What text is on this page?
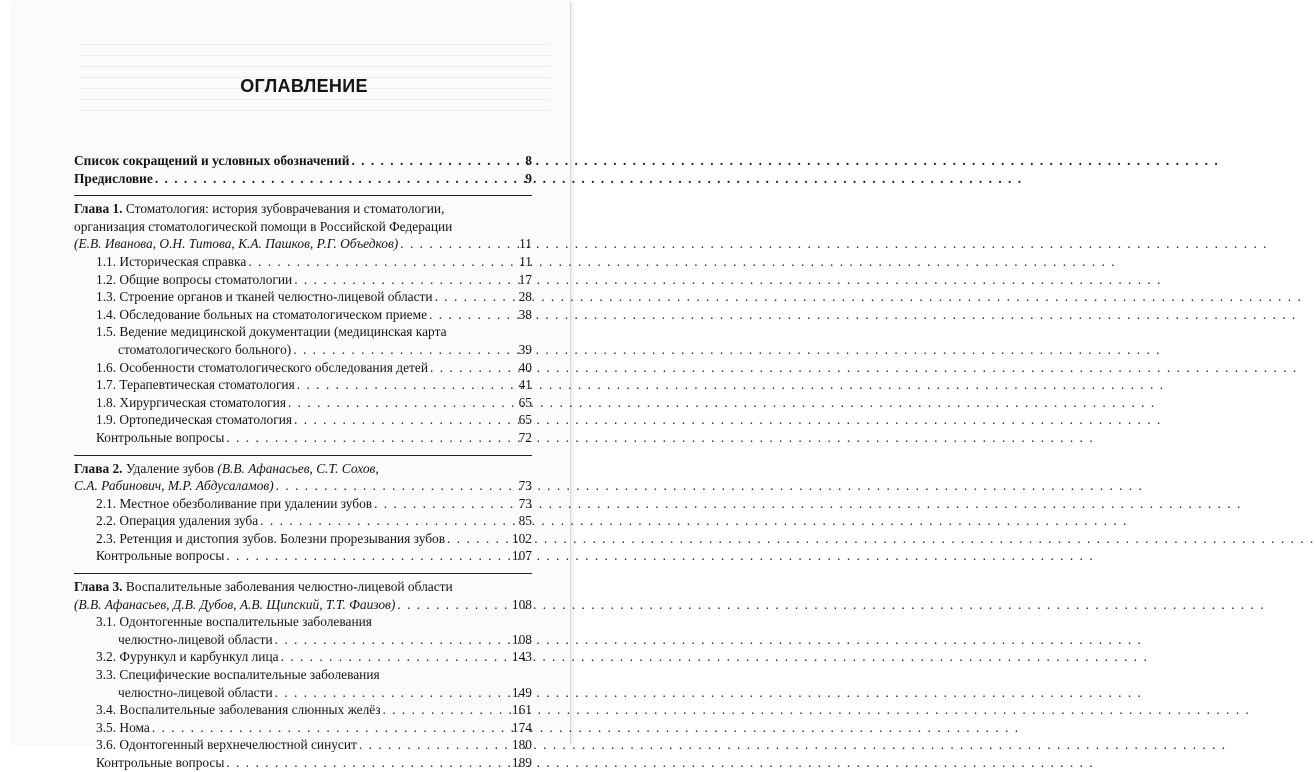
ОГЛАВЛЕНИЕ
Список сокращений и условных обозначений . . .	8
Предисловие . . .	9
Глава 1. Стоматология: история зубоврачевания и стоматологии,
организация стоматологической помощи в Российской Федерации
(Е.В. Иванова, О.Н. Титова, К.А. Пашков, Р.Г. Объедков) . . .	11
1.1. Историческая справка . . .	11
1.2. Общие вопросы стоматологии . . .	17
1.3. Строение органов и тканей челюстно-лицевой области . . .	28
1.4. Обследование больных на стоматологическом приеме . . .	38
1.5. Ведение медицинской документации (медицинская карта
стоматологического больного) . . .	39
1.6. Особенности стоматологического обследования детей . . .	40
1.7. Терапевтическая стоматология . . .	41
1.8. Хирургическая стоматология . . .	65
1.9. Ортопедическая стоматология . . .	65
Контрольные вопросы . . .	72
Глава 2. Удаление зубов (В.В. Афанасьев, С.Т. Сохов,
С.А. Рабинович, М.Р. Абдусаламов) . . .	73
2.1. Местное обезболивание при удалении зубов . . .	73
2.2. Операция удаления зуба . . .	85
2.3. Ретенция и дистопия зубов. Болезни прорезывания зубов . . .	102
Контрольные вопросы . . .	107
Глава 3. Воспалительные заболевания челюстно-лицевой области
(В.В. Афанасьев, Д.В. Дубов, А.В. Щипский, Т.Т. Фаизов) . . .	108
3.1. Одонтогенные воспалительные заболевания
челюстно-лицевой области . . .	108
3.2. Фурункул и карбункул лица . . .	143
3.3. Специфические воспалительные заболевания
челюстно-лицевой области . . .	149
3.4. Воспалительные заболевания слюнных желёз . . .	161
3.5. Нома . . .	174
3.6. Одонтогенный верхнечелюстной синусит . . .	180
Контрольные вопросы . . .	189
